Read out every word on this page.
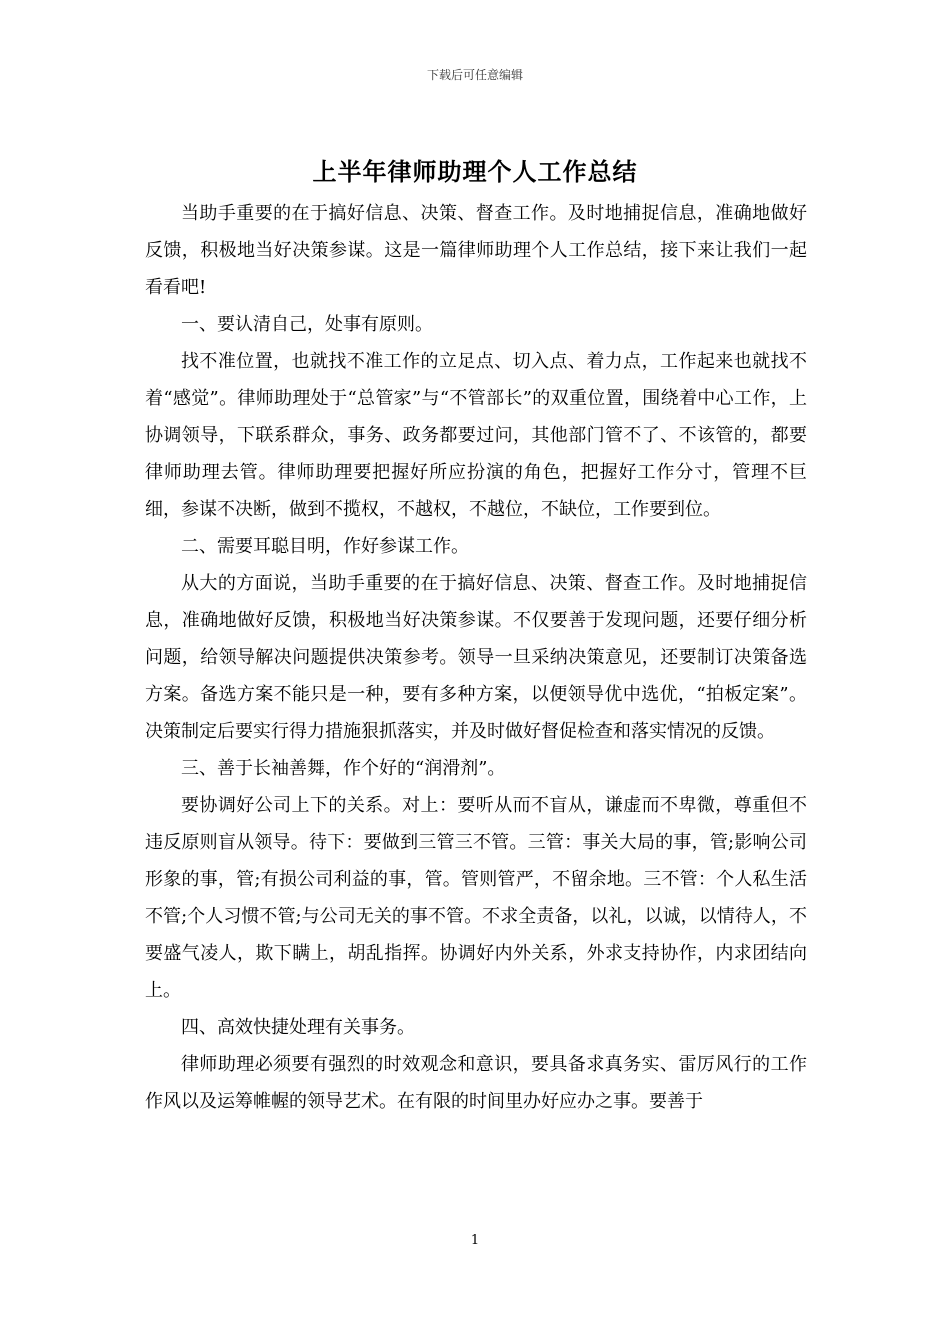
下载后可任意编辑
上半年律师助理个人工作总结

当助手重要的在于搞好信息、决策、督查工作。及时地捕捉信息，准确地做好反馈，积极地当好决策参谋。这是一篇律师助理个人工作总结，接下来让我们一起看看吧!

一、要认清自己，处事有原则。

找不准位置，也就找不准工作的立足点、切入点、着力点，工作起来也就找不着“感觉”。律师助理处于“总管家”与“不管部长”的双重位置，围绕着中心工作，上协调领导，下联系群众，事务、政务都要过问，其他部门管不了、不该管的，都要律师助理去管。律师助理要把握好所应扮演的角色，把握好工作分寸，管理不巨细，参谋不决断，做到不揽权，不越权，不越位，不缺位，工作要到位。

二、需要耳聪目明，作好参谋工作。

从大的方面说，当助手重要的在于搞好信息、决策、督查工作。及时地捕捉信息，准确地做好反馈，积极地当好决策参谋。不仅要善于发现问题，还要仔细分析问题，给领导解决问题提供决策参考。领导一旦采纳决策意见，还要制订决策备选方案。备选方案不能只是一种，要有多种方案，以便领导优中选优，“拍板定案”。决策制定后要实行得力措施狠抓落实，并及时做好督促检查和落实情况的反馈。

三、善于长袖善舞，作个好的“润滑剂”。

要协调好公司上下的关系。对上：要听从而不盲从，谦虚而不卑微，尊重但不违反原则盲从领导。待下：要做到三管三不管。三管：事关大局的事，管;影响公司形象的事，管;有损公司利益的事，管。管则管严，不留余地。三不管：个人私生活不管;个人习惯不管;与公司无关的事不管。不求全责备，以礼，以诚，以情待人，不要盛气凌人，欺下瞒上，胡乱指挥。协调好内外关系，外求支持协作，内求团结向上。

四、高效快捷处理有关事务。

律师助理必须要有强烈的时效观念和意识，要具备求真务实、雷厉风行的工作作风以及运筹帷幄的领导艺术。在有限的时间里办好应办之事。要善于

1
